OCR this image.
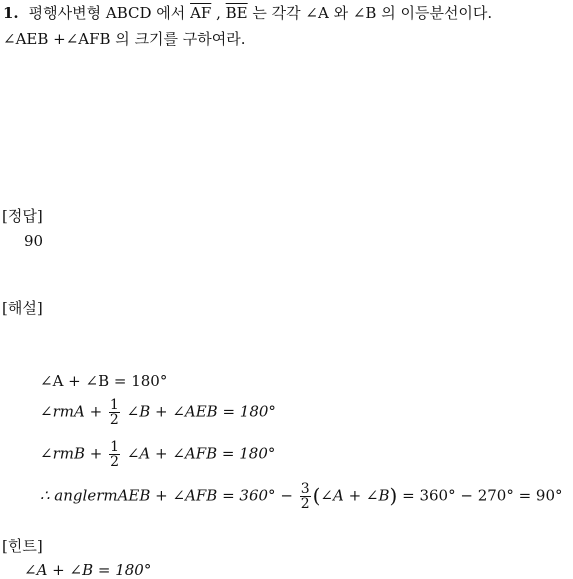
1. 평행사변형 ABCD 에서 $\overline{AF}$ , $\overline{BE}$ 는 각각 ∠A 와 ∠B 의 이등분선이다.
∠AEB +∠AFB 의 크기를 구하여라.
[정답]
90
[해설]
∠A + ∠B = 180°
∠rmA + $\frac{1}{2}$ ∠B + ∠AEB = 180°
∠rmB + $\frac{1}{2}$ ∠A + ∠AFB = 180°
∴ anglermAEB + ∠AFB = $360^\circ - \frac{3}{2}$ (∠A + ∠B) = 360° − 270° = 90°
[힌트]
∠A + ∠B = 180°
